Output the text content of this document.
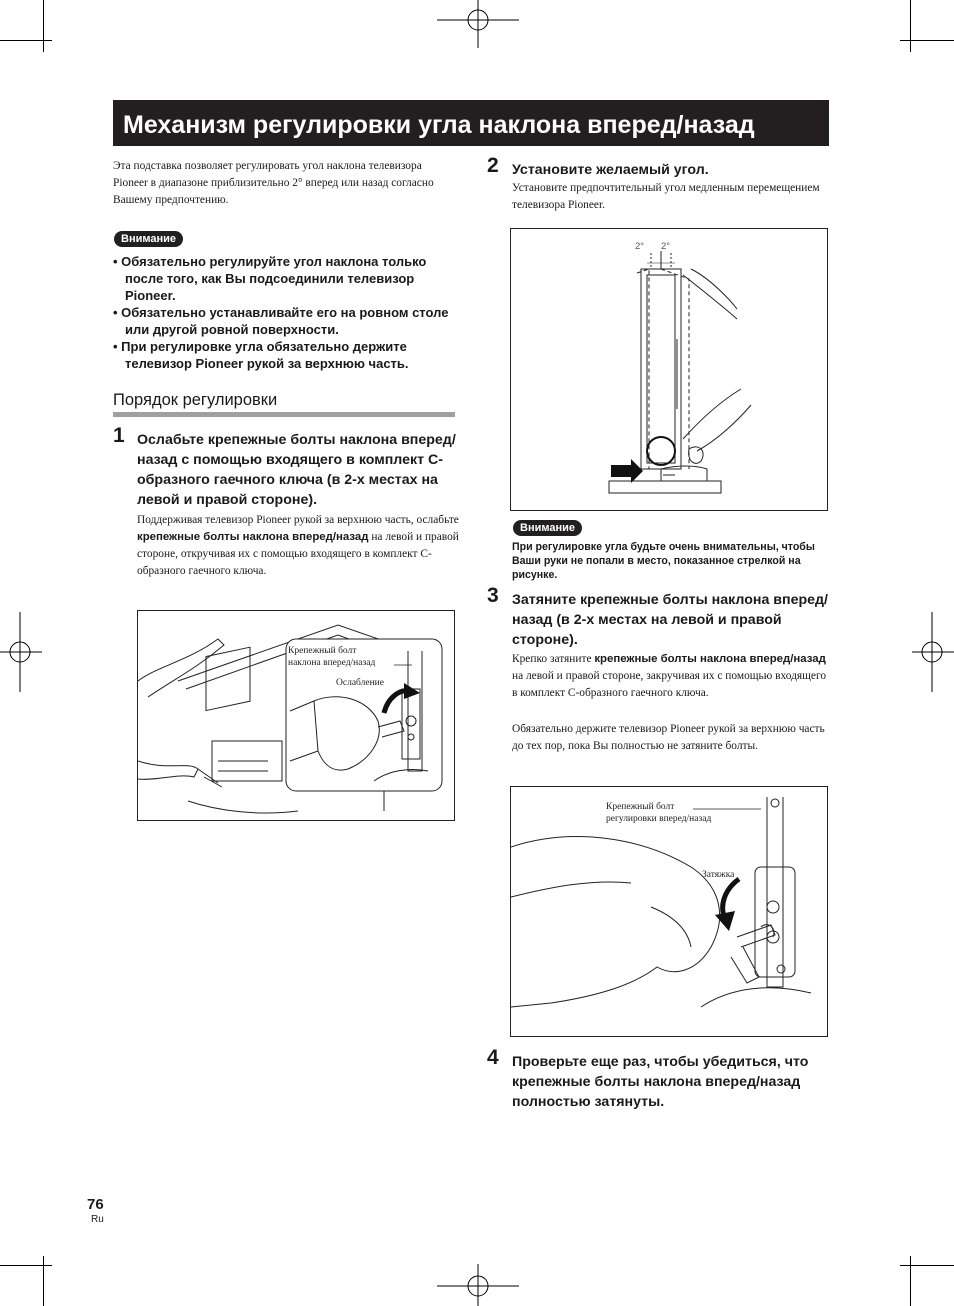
Механизм регулировки угла наклона вперед/назад
Эта подставка позволяет регулировать угол наклона телевизора Pioneer в диапазоне приблизительно 2° вперед или назад согласно Вашему предпочтению.
Внимание

• Обязательно регулируйте угол наклона только после того, как Вы подсоединили телевизор Pioneer.

• Обязательно устанавливайте его на ровном столе или другой ровной поверхности.

• При регулировке угла обязательно держите телевизор Pioneer рукой за верхнюю часть.

Порядок регулировки
1 Ослабьте крепежные болты наклона вперед/назад с помощью входящего в комплект С-образного гаечного ключа (в 2-х местах на левой и правой стороне).
Поддерживая телевизор Pioneer рукой за верхнюю часть, ослабьте крепежные болты наклона вперед/назад на левой и правой стороне, откручивая их с помощью входящего в комплект С-образного гаечного ключа.
Крепежный болт
наклона вперед/назад
Ослабление
2 Установите желаемый угол.
Установите предпочтительный угол медленным перемещением телевизора Pioneer.
2° 2°
Внимание
При регулировке угла будьте очень внимательны, чтобы Ваши руки не попали в место, показанное стрелкой на рисунке.
3 Затяните крепежные болты наклона вперед/назад (в 2-х местах на левой и правой стороне).
Крепко затяните крепежные болты наклона вперед/назад на левой и правой стороне, закручивая их с помощью входящего в комплект С-образного гаечного ключа.
Обязательно держите телевизор Pioneer рукой за верхнюю часть до тех пор, пока Вы полностью не затяните болты.
Крепежный болт
регулировки вперед/назад
Затяжка
4 Проверьте еще раз, чтобы убедиться, что крепежные болты наклона вперед/назад полностью затянуты.
76
Ru
